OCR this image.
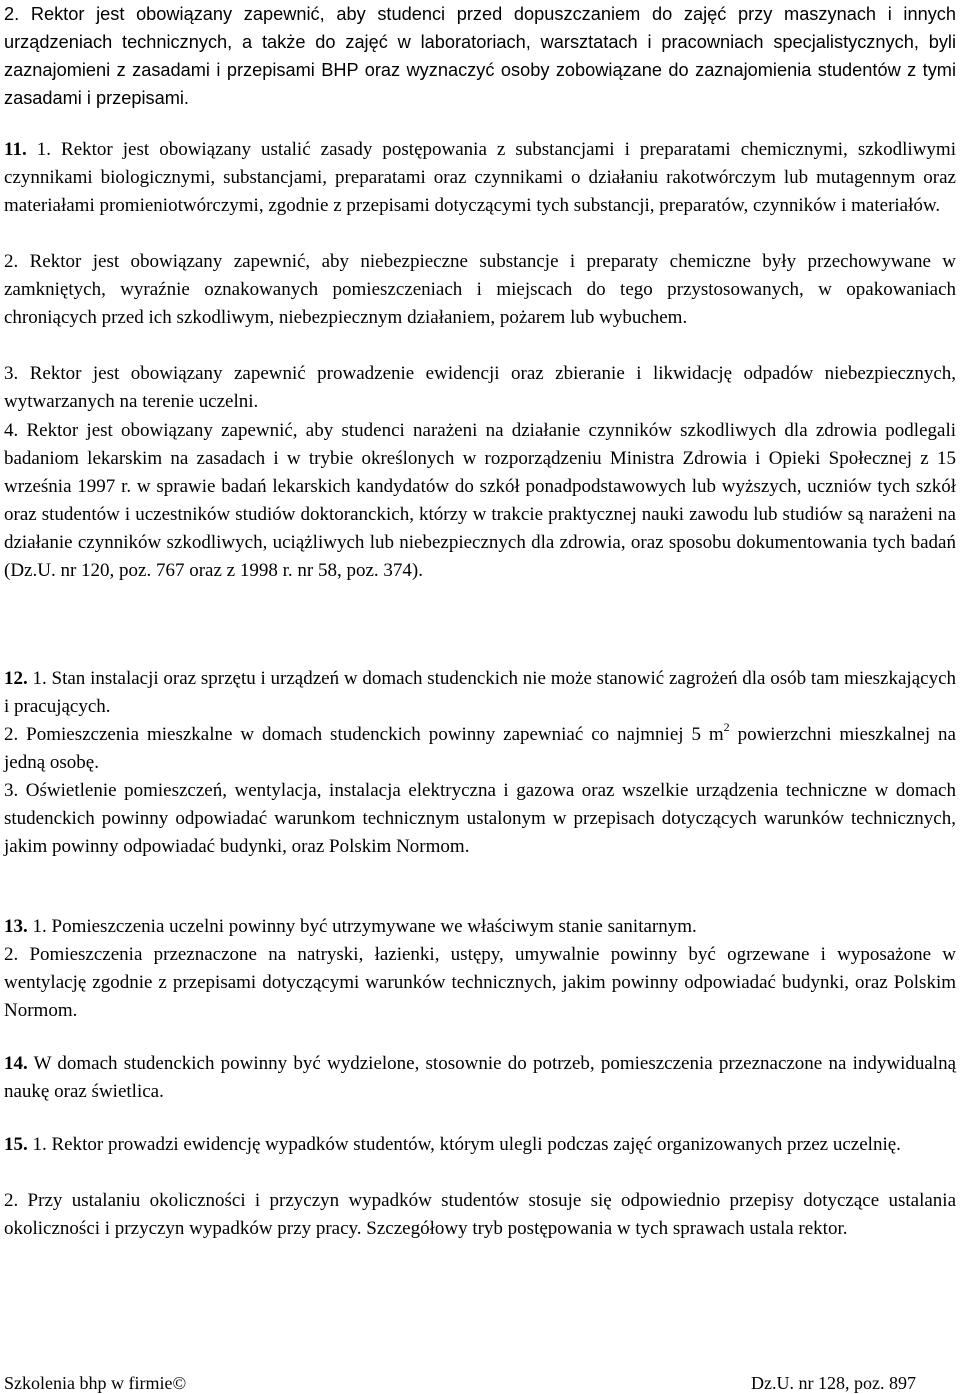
2. Rektor jest obowiązany zapewnić, aby studenci przed dopuszczaniem do zajęć przy maszynach i innych urządzeniach technicznych, a także do zajęć w laboratoriach, warsztatach i pracowniach specjalistycznych, byli zaznajomieni z zasadami i przepisami BHP oraz wyznaczyć osoby zobowiązane do zaznajomienia studentów z tymi zasadami i przepisami.

11. 1. Rektor jest obowiązany ustalić zasady postępowania z substancjami i preparatami chemicznymi, szkodliwymi czynnikami biologicznymi, substancjami, preparatami oraz czynnikami o działaniu rakotwórczym lub mutagennym oraz materiałami promieniotwórczymi, zgodnie z przepisami dotyczącymi tych substancji, preparatów, czynników i materiałów.

2. Rektor jest obowiązany zapewnić, aby niebezpieczne substancje i preparaty chemiczne były przechowywane w zamkniętych, wyraźnie oznakowanych pomieszczeniach i miejscach do tego przystosowanych, w opakowaniach chroniących przed ich szkodliwym, niebezpiecznym działaniem, pożarem lub wybuchem.

3. Rektor jest obowiązany zapewnić prowadzenie ewidencji oraz zbieranie i likwidację odpadów niebezpiecznych, wytwarzanych na terenie uczelni.

4. Rektor jest obowiązany zapewnić, aby studenci narażeni na działanie czynników szkodliwych dla zdrowia podlegali badaniom lekarskim na zasadach i w trybie określonych w rozporządzeniu Ministra Zdrowia i Opieki Społecznej z 15 września 1997 r. w sprawie badań lekarskich kandydatów do szkół ponadpodstawowych lub wyższych, uczniów tych szkół oraz studentów i uczestników studiów doktoranckich, którzy w trakcie praktycznej nauki zawodu lub studiów są narażeni na działanie czynników szkodliwych, uciążliwych lub niebezpiecznych dla zdrowia, oraz sposobu dokumentowania tych badań (Dz.U. nr 120, poz. 767 oraz z 1998 r. nr 58, poz. 374).

12. 1. Stan instalacji oraz sprzętu i urządzeń w domach studenckich nie może stanowić zagrożeń dla osób tam mieszkających i pracujących.

2. Pomieszczenia mieszkalne w domach studenckich powinny zapewniać co najmniej 5 $m^2$ powierzchni mieszkalnej na jedną osobę.

3. Oświetlenie pomieszczeń, wentylacja, instalacja elektryczna i gazowa oraz wszelkie urządzenia techniczne w domach studenckich powinny odpowiadać warunkom technicznym ustalonym w przepisach dotyczących warunków technicznych, jakim powinny odpowiadać budynki, oraz Polskim Normom.

13. 1. Pomieszczenia uczelni powinny być utrzymywane we właściwym stanie sanitarnym.

2. Pomieszczenia przeznaczone na natryski, łazienki, ustępy, umywalnie powinny być ogrzewane i wyposażone w wentylację zgodnie z przepisami dotyczącymi warunków technicznych, jakim powinny odpowiadać budynki, oraz Polskim Normom.

14. W domach studenckich powinny być wydzielone, stosownie do potrzeb, pomieszczenia przeznaczone na indywidualną naukę oraz świetlica.

15. 1. Rektor prowadzi ewidencję wypadków studentów, którym ulegli podczas zajęć organizowanych przez uczelnię.

2. Przy ustalaniu okoliczności i przyczyn wypadków studentów stosuje się odpowiednio przepisy dotyczące ustalania okoliczności i przyczyn wypadków przy pracy. Szczegółowy tryb postępowania w tych sprawach ustala rektor.

Szkolenia bhp w firmie©	Dz.U. nr 128, poz. 897
